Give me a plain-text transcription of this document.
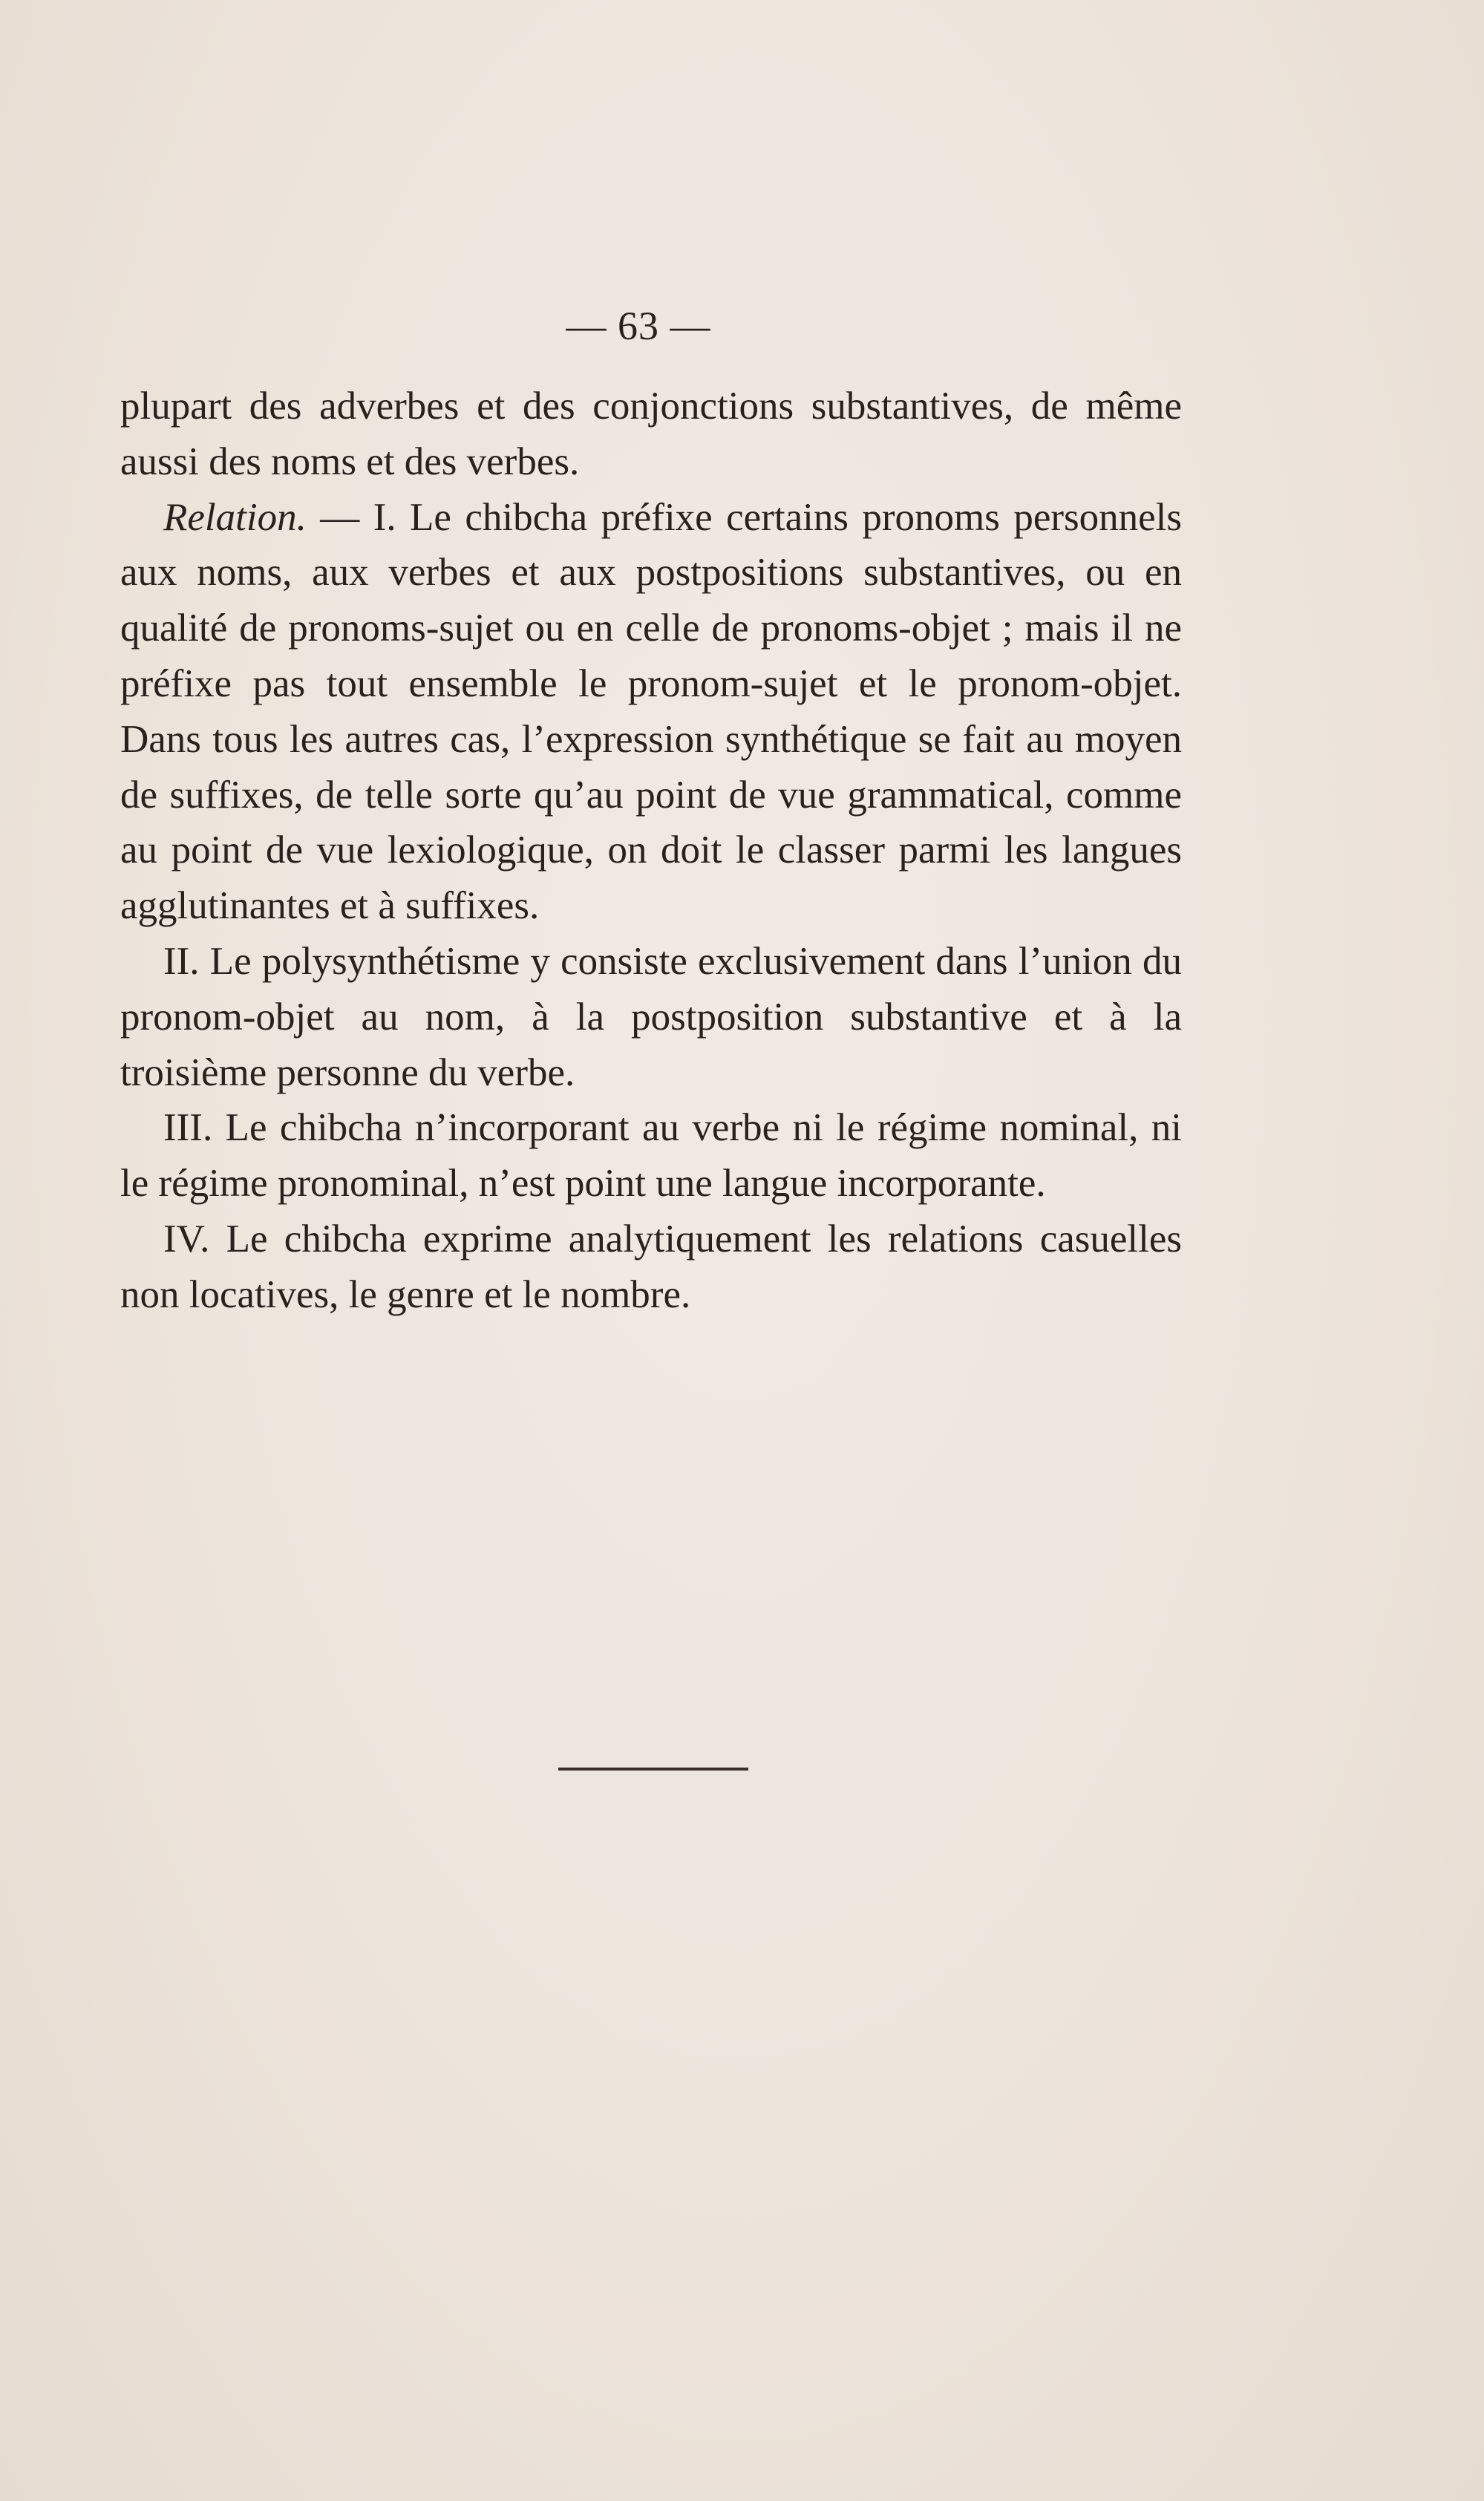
— 63 —

plupart des adverbes et des conjonctions substantives, de même aussi des noms et des verbes.

Relation. — I. Le chibcha préfixe certains pronoms personnels aux noms, aux verbes et aux postpositions substantives, ou en qualité de pronoms-sujet ou en celle de pronoms-objet ; mais il ne préfixe pas tout ensemble le pronom-sujet et le pronom-objet. Dans tous les autres cas, l’expression synthétique se fait au moyen de suffixes, de telle sorte qu’au point de vue grammatical, comme au point de vue lexiologique, on doit le classer parmi les langues agglutinantes et à suffixes.

II. Le polysynthétisme y consiste exclusivement dans l’union du pronom-objet au nom, à la postposition substantive et à la troisième personne du verbe.

III. Le chibcha n’incorporant au verbe ni le régime nominal, ni le régime pronominal, n’est point une langue incorporante.

IV. Le chibcha exprime analytiquement les relations casuelles non locatives, le genre et le nombre.
